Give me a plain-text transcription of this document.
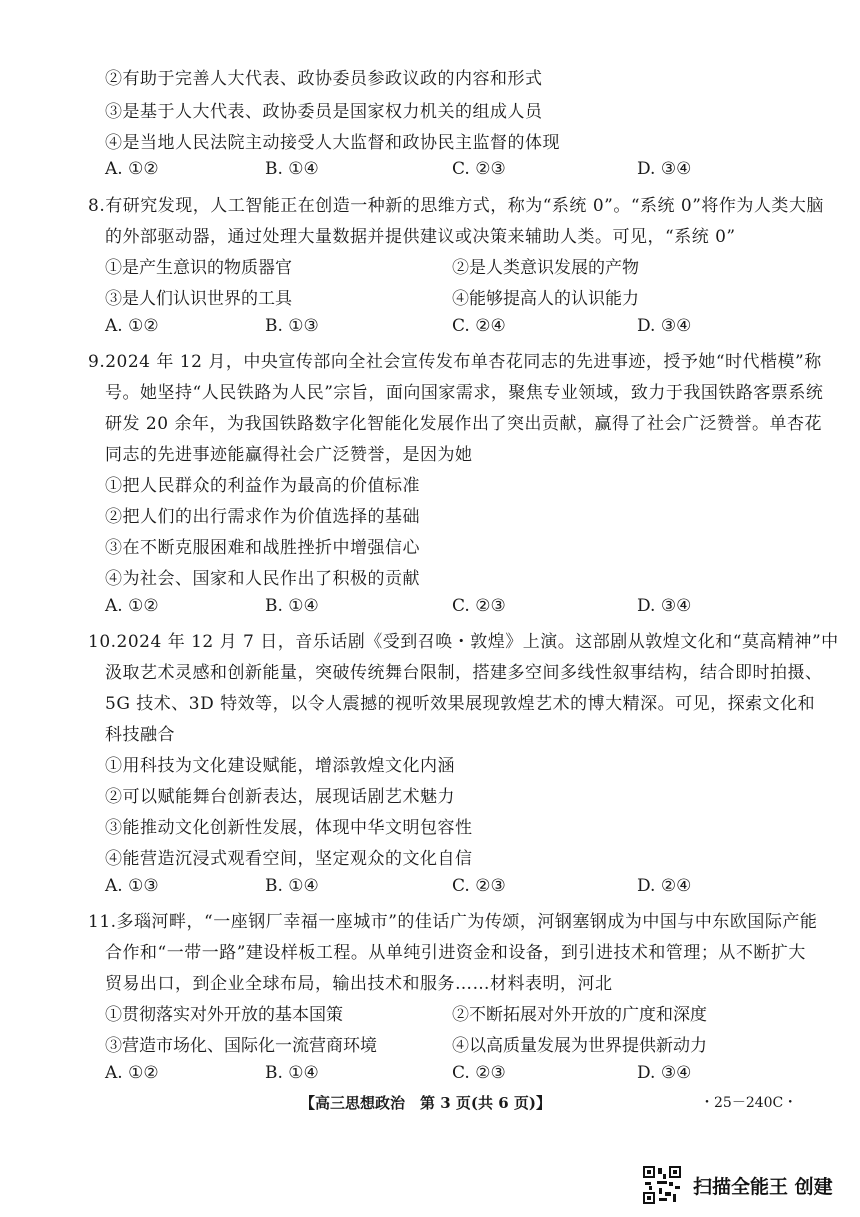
②有助于完善人大代表、政协委员参政议政的内容和形式
③是基于人大代表、政协委员是国家权力机关的组成人员
④是当地人民法院主动接受人大监督和政协民主监督的体现
A. ①②	B. ①④	C. ②③	D. ③④
8.有研究发现，人工智能正在创造一种新的思维方式，称为“系统 0”。“系统 0”将作为人类大脑
的外部驱动器，通过处理大量数据并提供建议或决策来辅助人类。可见，“系统 0”
①是产生意识的物质器官	②是人类意识发展的产物
③是人们认识世界的工具	④能够提高人的认识能力
A. ①②	B. ①③	C. ②④	D. ③④
9.2024 年 12 月，中央宣传部向全社会宣传发布单杏花同志的先进事迹，授予她“时代楷模”称
号。她坚持“人民铁路为人民”宗旨，面向国家需求，聚焦专业领域，致力于我国铁路客票系统
研发 20 余年，为我国铁路数字化智能化发展作出了突出贡献，赢得了社会广泛赞誉。单杏花
同志的先进事迹能赢得社会广泛赞誉，是因为她
①把人民群众的利益作为最高的价值标准
②把人们的出行需求作为价值选择的基础
③在不断克服困难和战胜挫折中增强信心
④为社会、国家和人民作出了积极的贡献
A. ①②	B. ①④	C. ②③	D. ③④
10.2024 年 12 月 7 日，音乐话剧《受到召唤・敦煌》上演。这部剧从敦煌文化和“莫高精神”中
汲取艺术灵感和创新能量，突破传统舞台限制，搭建多空间多线性叙事结构，结合即时拍摄、
5G 技术、3D 特效等，以令人震撼的视听效果展现敦煌艺术的博大精深。可见，探索文化和
科技融合
①用科技为文化建设赋能，增添敦煌文化内涵
②可以赋能舞台创新表达，展现话剧艺术魅力
③能推动文化创新性发展，体现中华文明包容性
④能营造沉浸式观看空间，坚定观众的文化自信
A. ①③	B. ①④	C. ②③	D. ②④
11.多瑙河畔，“一座钢厂幸福一座城市”的佳话广为传颂，河钢塞钢成为中国与中东欧国际产能
合作和“一带一路”建设样板工程。从单纯引进资金和设备，到引进技术和管理；从不断扩大
贸易出口，到企业全球布局，输出技术和服务……材料表明，河北
①贯彻落实对外开放的基本国策	②不断拓展对外开放的广度和深度
③营造市场化、国际化一流营商环境	④以高质量发展为世界提供新动力
A. ①②	B. ①④	C. ②③	D. ③④
【高三思想政治　第 3 页(共 6 页)】	・25－240C・
扫描全能王 创建
